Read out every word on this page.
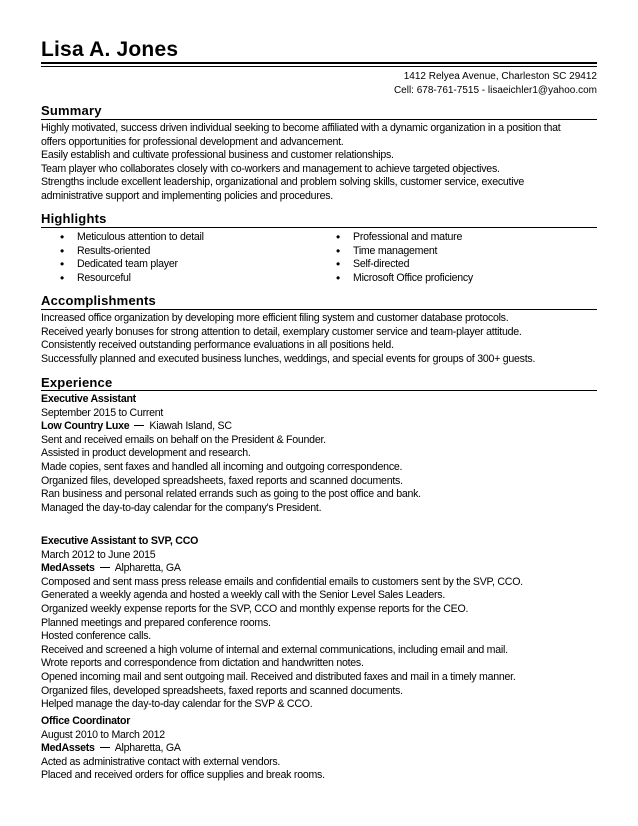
Lisa A. Jones
1412 Relyea Avenue, Charleston SC 29412
Cell: 678-761-7515 - lisaeichler1@yahoo.com
Summary
Highly motivated, success driven individual seeking to become affiliated with a dynamic organization in a position that
offers opportunities for professional development and advancement.
Easily establish and cultivate professional business and customer relationships.
Team player who collaborates closely with co-workers and management to achieve targeted objectives.
Strengths include excellent leadership, organizational and problem solving skills, customer service, executive
administrative support and implementing policies and procedures.
Highlights
• Meticulous attention to detail
• Results-oriented
• Dedicated team player
• Resourceful
• Professional and mature
• Time management
• Self-directed
• Microsoft Office proficiency
Accomplishments
Increased office organization by developing more efficient filing system and customer database protocols.
Received yearly bonuses for strong attention to detail, exemplary customer service and team-player attitude.
Consistently received outstanding performance evaluations in all positions held.
Successfully planned and executed business lunches, weddings, and special events for groups of 300+ guests.
Experience
Executive Assistant
September 2015 to Current
Low Country Luxe Kiawah Island, SC
Sent and received emails on behalf on the President & Founder.
Assisted in product development and research.
Made copies, sent faxes and handled all incoming and outgoing correspondence.
Organized files, developed spreadsheets, faxed reports and scanned documents.
Ran business and personal related errands such as going to the post office and bank.
Managed the day-to-day calendar for the company's President.
Executive Assistant to SVP, CCO
March 2012 to June 2015
MedAssets Alpharetta, GA
Composed and sent mass press release emails and confidential emails to customers sent by the SVP, CCO.
Generated a weekly agenda and hosted a weekly call with the Senior Level Sales Leaders.
Organized weekly expense reports for the SVP, CCO and monthly expense reports for the CEO.
Planned meetings and prepared conference rooms.
Hosted conference calls.
Received and screened a high volume of internal and external communications, including email and mail.
Wrote reports and correspondence from dictation and handwritten notes.
Opened incoming mail and sent outgoing mail. Received and distributed faxes and mail in a timely manner.
Organized files, developed spreadsheets, faxed reports and scanned documents.
Helped manage the day-to-day calendar for the SVP & CCO.
Office Coordinator
August 2010 to March 2012
MedAssets Alpharetta, GA
Acted as administrative contact with external vendors.
Placed and received orders for office supplies and break rooms.
